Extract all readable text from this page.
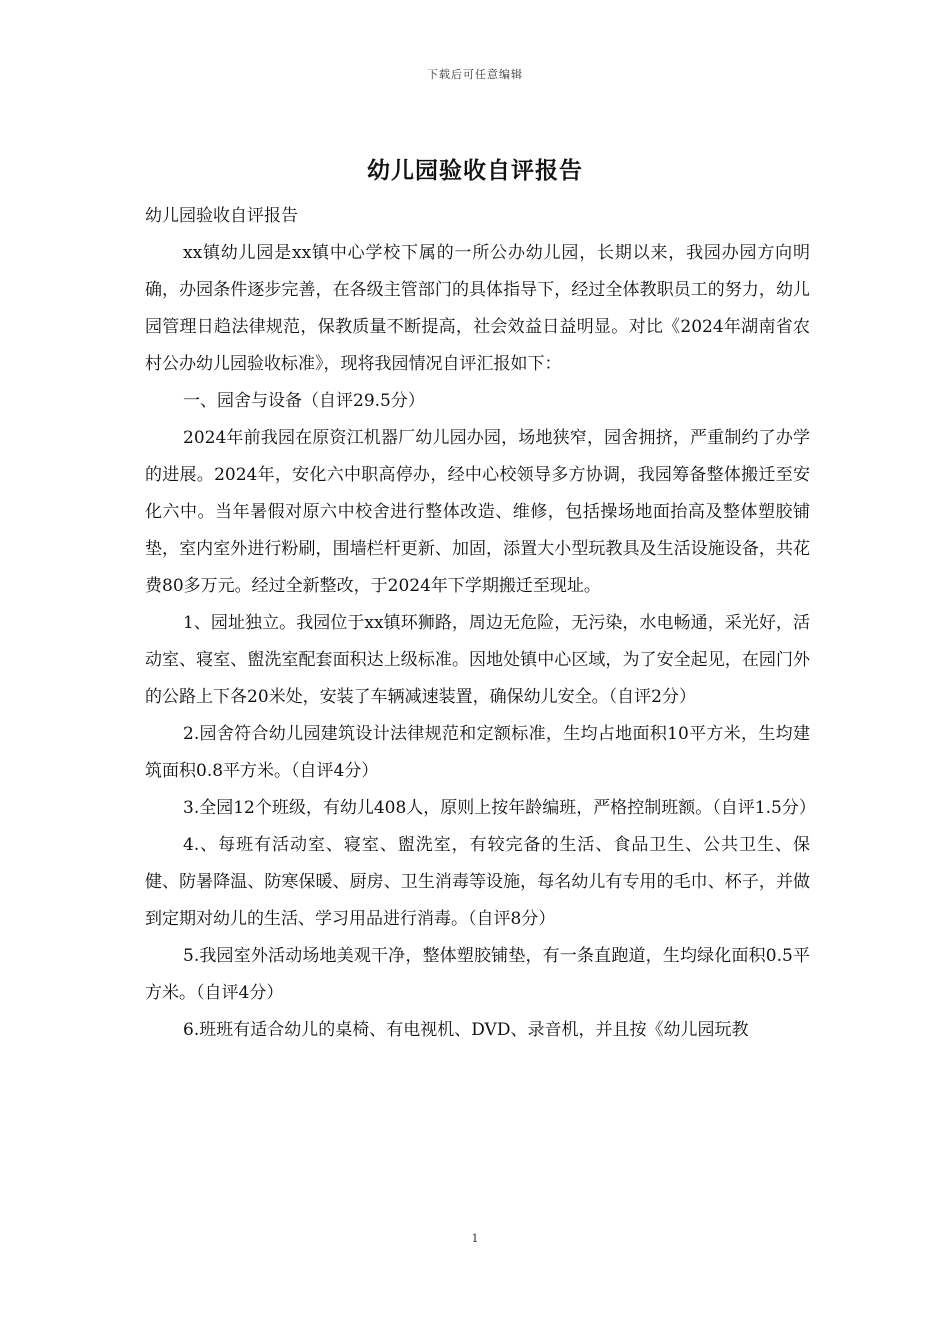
下载后可任意编辑
幼儿园验收自评报告

幼儿园验收自评报告

xx镇幼儿园是xx镇中心学校下属的一所公办幼儿园，长期以来，我园办园方向明确，办园条件逐步完善，在各级主管部门的具体指导下，经过全体教职员工的努力，幼儿园管理日趋法律规范，保教质量不断提高，社会效益日益明显。对比《2024年湖南省农村公办幼儿园验收标准》，现将我园情况自评汇报如下：

一、园舍与设备（自评29.5分）

2024年前我园在原资江机器厂幼儿园办园，场地狭窄，园舍拥挤，严重制约了办学的进展。2024年，安化六中职高停办，经中心校领导多方协调，我园筹备整体搬迁至安化六中。当年暑假对原六中校舍进行整体改造、维修，包括操场地面抬高及整体塑胶铺垫，室内室外进行粉刷，围墙栏杆更新、加固，添置大小型玩教具及生活设施设备，共花费80多万元。经过全新整改，于2024年下学期搬迁至现址。

1、园址独立。我园位于xx镇环狮路，周边无危险，无污染，水电畅通，采光好，活动室、寝室、盥洗室配套面积达上级标准。因地处镇中心区域，为了安全起见，在园门外的公路上下各20米处，安装了车辆减速装置，确保幼儿安全。（自评2分）

2.园舍符合幼儿园建筑设计法律规范和定额标准，生均占地面积10平方米，生均建筑面积0.8平方米。（自评4分）

3.全园12个班级，有幼儿408人，原则上按年龄编班，严格控制班额。（自评1.5分）

4.、每班有活动室、寝室、盥洗室，有较完备的生活、食品卫生、公共卫生、保健、防暑降温、防寒保暖、厨房、卫生消毒等设施，每名幼儿有专用的毛巾、杯子，并做到定期对幼儿的生活、学习用品进行消毒。（自评8分）

5.我园室外活动场地美观干净，整体塑胶铺垫，有一条直跑道，生均绿化面积0.5平方米。（自评4分）

6.班班有适合幼儿的桌椅、有电视机、DVD、录音机，并且按《幼儿园玩教

1
